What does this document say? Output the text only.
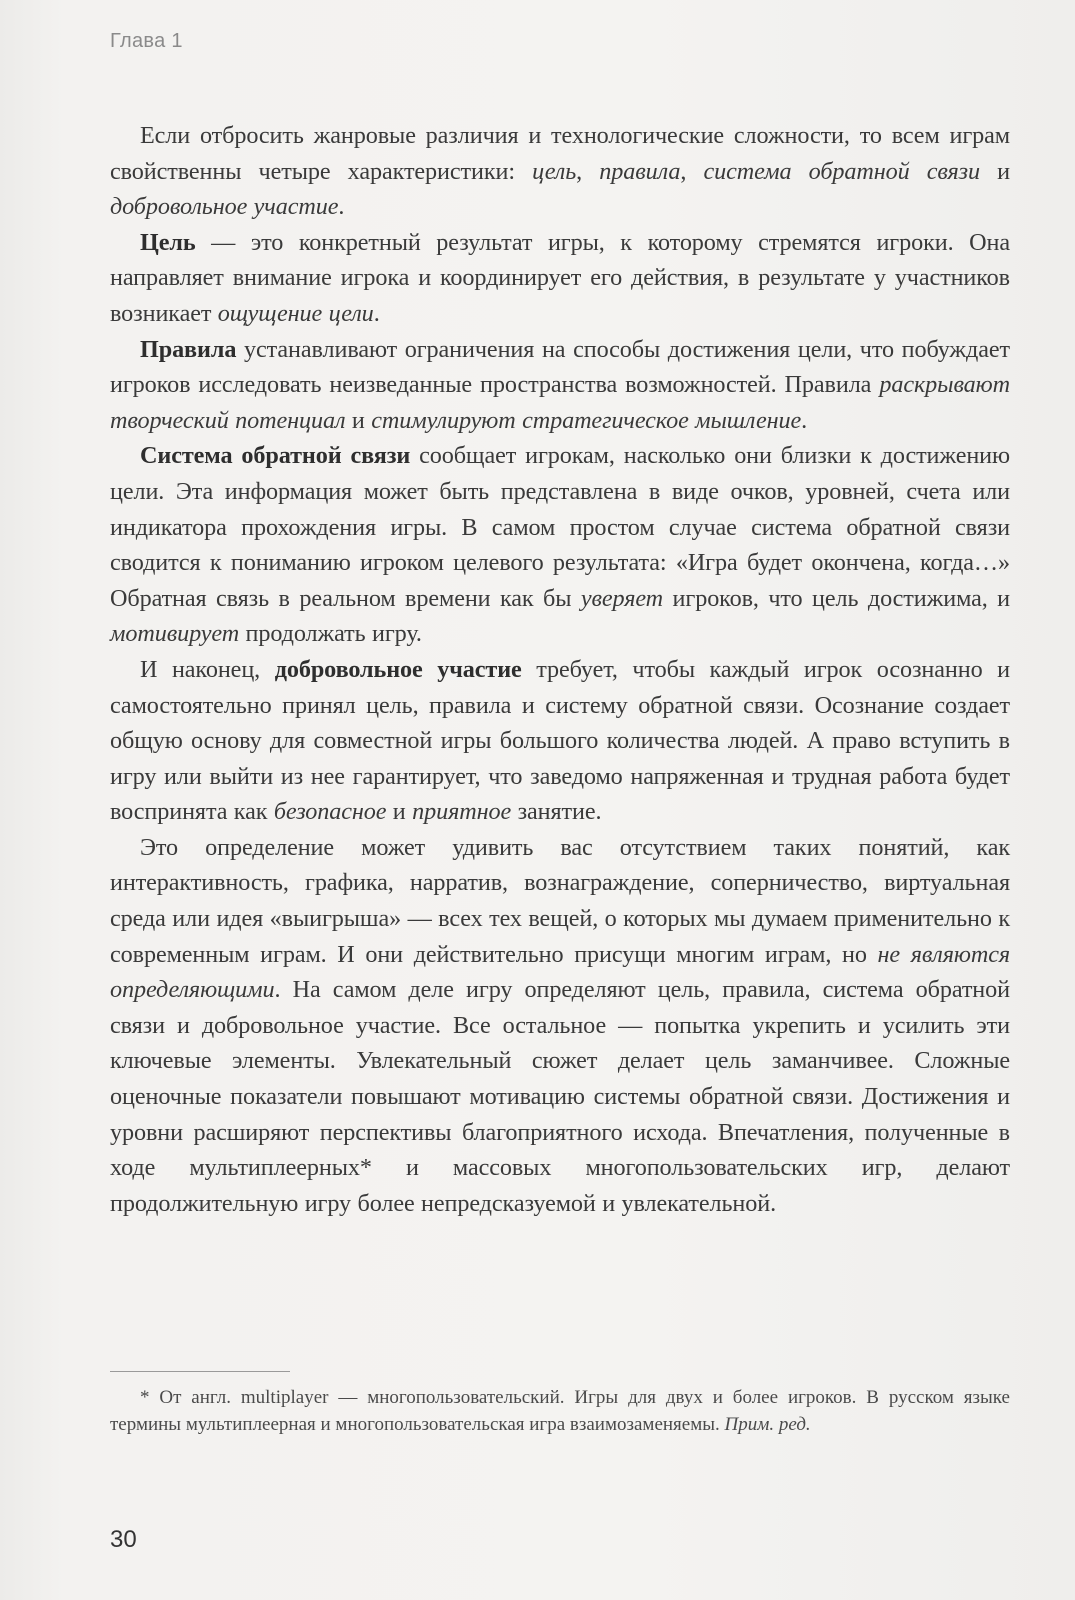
Глава 1

Если отбросить жанровые различия и технологические сложности, то всем играм свойственны четыре характеристики: цель, правила, система обратной связи и добровольное участие.

Цель — это конкретный результат игры, к которому стремятся игроки. Она направляет внимание игрока и координирует его действия, в результате у участников возникает ощущение цели.

Правила устанавливают ограничения на способы достижения цели, что побуждает игроков исследовать неизведанные пространства возможностей. Правила раскрывают творческий потенциал и стимулируют стратегическое мышление.

Система обратной связи сообщает игрокам, насколько они близки к достижению цели. Эта информация может быть представлена в виде очков, уровней, счета или индикатора прохождения игры. В самом простом случае система обратной связи сводится к пониманию игроком целевого результата: «Игра будет окончена, когда…» Обратная связь в реальном времени как бы уверяет игроков, что цель достижима, и мотивирует продолжать игру.

И наконец, добровольное участие требует, чтобы каждый игрок осознанно и самостоятельно принял цель, правила и систему обратной связи. Осознание создает общую основу для совместной игры большого количества людей. А право вступить в игру или выйти из нее гарантирует, что заведомо напряженная и трудная работа будет воспринята как безопасное и приятное занятие.

Это определение может удивить вас отсутствием таких понятий, как интерактивность, графика, нарратив, вознаграждение, соперничество, виртуальная среда или идея «выигрыша» — всех тех вещей, о которых мы думаем применительно к современным играм. И они действительно присущи многим играм, но не являются определяющими. На самом деле игру определяют цель, правила, система обратной связи и добровольное участие. Все остальное — попытка укрепить и усилить эти ключевые элементы. Увлекательный сюжет делает цель заманчивее. Сложные оценочные показатели повышают мотивацию системы обратной связи. Достижения и уровни расширяют перспективы благоприятного исхода. Впечатления, полученные в ходе мультиплеерных* и массовых многопользовательских игр, делают продолжительную игру более непредсказуемой и увлекательной.

* От англ. multiplayer — многопользовательский. Игры для двух и более игроков. В русском языке термины мультиплеерная и многопользовательская игра взаимозаменяемы. Прим. ред.

30
